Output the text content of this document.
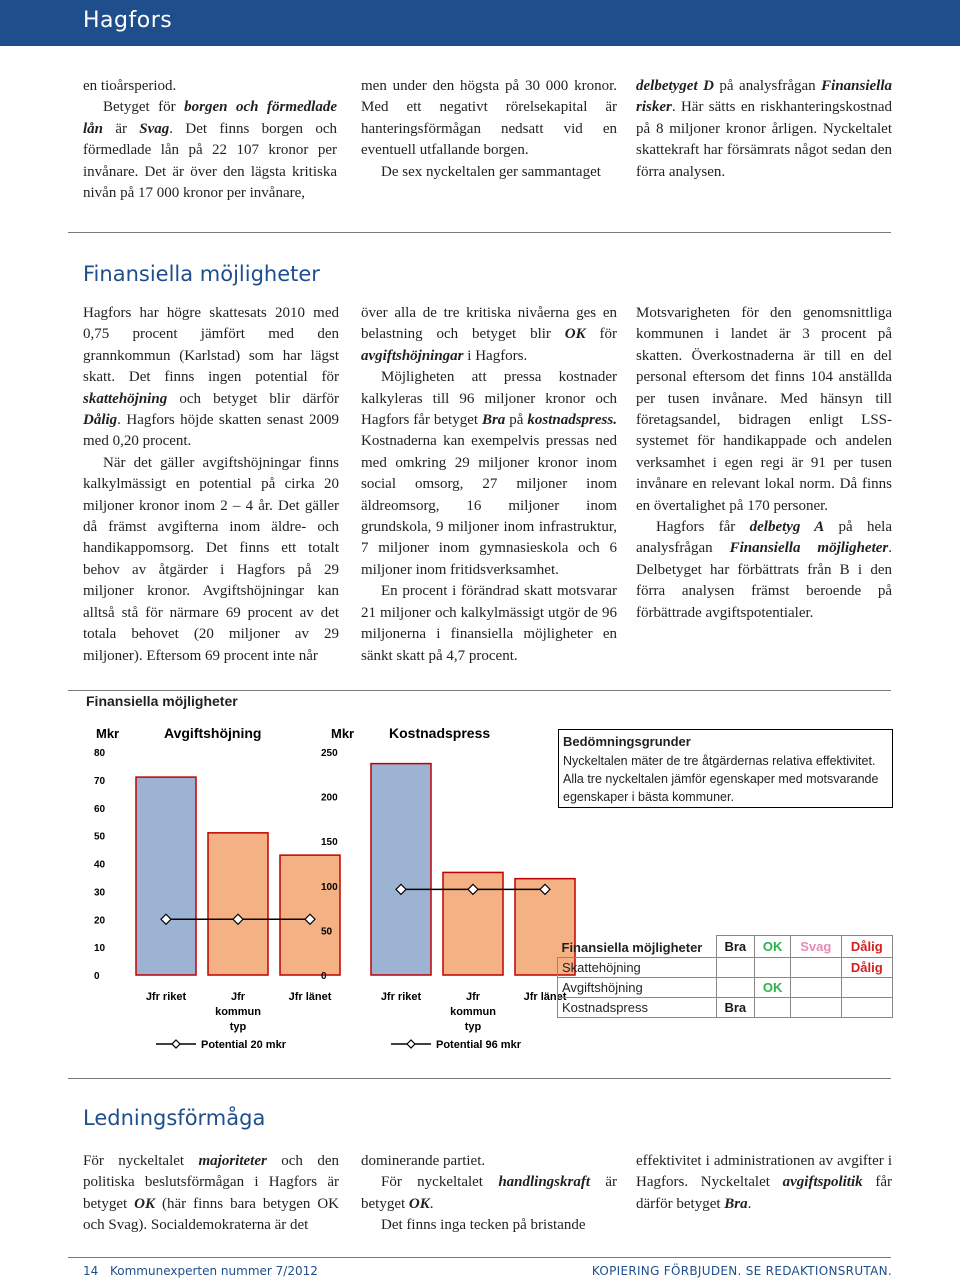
Hagfors

en tioårsperiod.

Betyget för borgen och förmedlade lån är Svag. Det finns borgen och förmedlade lån på 22 107 kronor per invånare. Det är över den lägsta kritiska nivån på 17 000 kronor per invånare,

men under den högsta på 30 000 kronor. Med ett negativt rörelsekapital är hanteringsförmågan nedsatt vid en eventuell utfallande borgen.

De sex nyckeltalen ger sammantaget

delbetyget D på analysfrågan Finansiella risker. Här sätts en riskhanteringskostnad på 8 miljoner kronor årligen. Nyckeltalet skattekraft har försämrats något sedan den förra analysen.

Finansiella möjligheter

Hagfors har högre skattesats 2010 med 0,75 procent jämfört med den grannkommun (Karlstad) som har lägst skatt. Det finns ingen potential för skattehöjning och betyget blir därför Dålig. Hagfors höjde skatten senast 2009 med 0,20 procent.

När det gäller avgiftshöjningar finns kalkylmässigt en potential på cirka 20 miljoner kronor inom 2 – 4 år. Det gäller då främst avgifterna inom äldre- och handikappomsorg. Det finns ett totalt behov av åtgärder i Hagfors på 29 miljoner kronor. Avgiftshöjningar kan alltså stå för närmare 69 procent av det totala behovet (20 miljoner av 29 miljoner). Eftersom 69 procent inte når

över alla de tre kritiska nivåerna ges en belastning och betyget blir OK för avgiftshöjningar i Hagfors.

Möjligheten att pressa kostnader kalkyleras till 96 miljoner kronor och Hagfors får betyget Bra på kostnadspress. Kostnaderna kan exempelvis pressas ned med omkring 29 miljoner kronor inom social omsorg, 27 miljoner inom äldreomsorg, 16 miljoner inom grundskola, 9 miljoner inom infrastruktur, 7 miljoner inom gymnasieskola och 6 miljoner inom fritidsverksamhet.

En procent i förändrad skatt motsvarar 21 miljoner och kalkylmässigt utgör de 96 miljonerna i finansiella möjligheter en sänkt skatt på 4,7 procent.

Motsvarigheten för den genomsnittliga kommunen i landet är 3 procent på skatten. Överkostnaderna är till en del personal eftersom det finns 104 anställda per tusen invånare. Med hänsyn till företagsandel, bidragen enligt LSS-systemet för handikappade och andelen verksamhet i egen regi är 91 per tusen invånare en relevant lokal norm. Då finns en övertalighet på 170 personer.

Hagfors får delbetyg A på hela analysfrågan Finansiella möjligheter. Delbetyget har förbättrats från B i den förra analysen främst beroende på förbättrade avgiftspotentialer.

Finansiella möjligheter
Mkr	Avgiftshöjning
0
10
20
30
40
50
60
70
80
Jfr riket	Jfr
kommun
typ
Jfr länet
Potential 20 mkr
Mkr Kostnadspress
0
50
100
150
200
250
Jfr riket	Jfr
kommun
typ
Jfr länet
Potential 96 mkr
Bedömningsgrunder
Nyckeltalen mäter de tre åtgärdernas relativa effektivitet. Alla tre nyckeltalen jämför egenskaper med motsvarande egenskaper i bästa kommuner.
Finansiella möjligheter	Bra	OK	Svag	Dålig
Skattehöjning				Dålig
Avgiftshöjning		OK		
Kostnadspress	Bra			
Ledningsförmåga

För nyckeltalet majoriteter och den politiska beslutsförmågan i Hagfors är betyget OK (här finns bara betygen OK och Svag). Socialdemokraterna är det

dominerande partiet.

För nyckeltalet handlingskraft är betyget OK.

Det finns inga tecken på bristande

effektivitet i administrationen av avgifter i Hagfors. Nyckeltalet avgiftspolitik får därför betyget Bra.

14 Kommunexperten nummer 7/2012	KOPIERING FÖRBJUDEN. SE REDAKTIONSRUTAN.
